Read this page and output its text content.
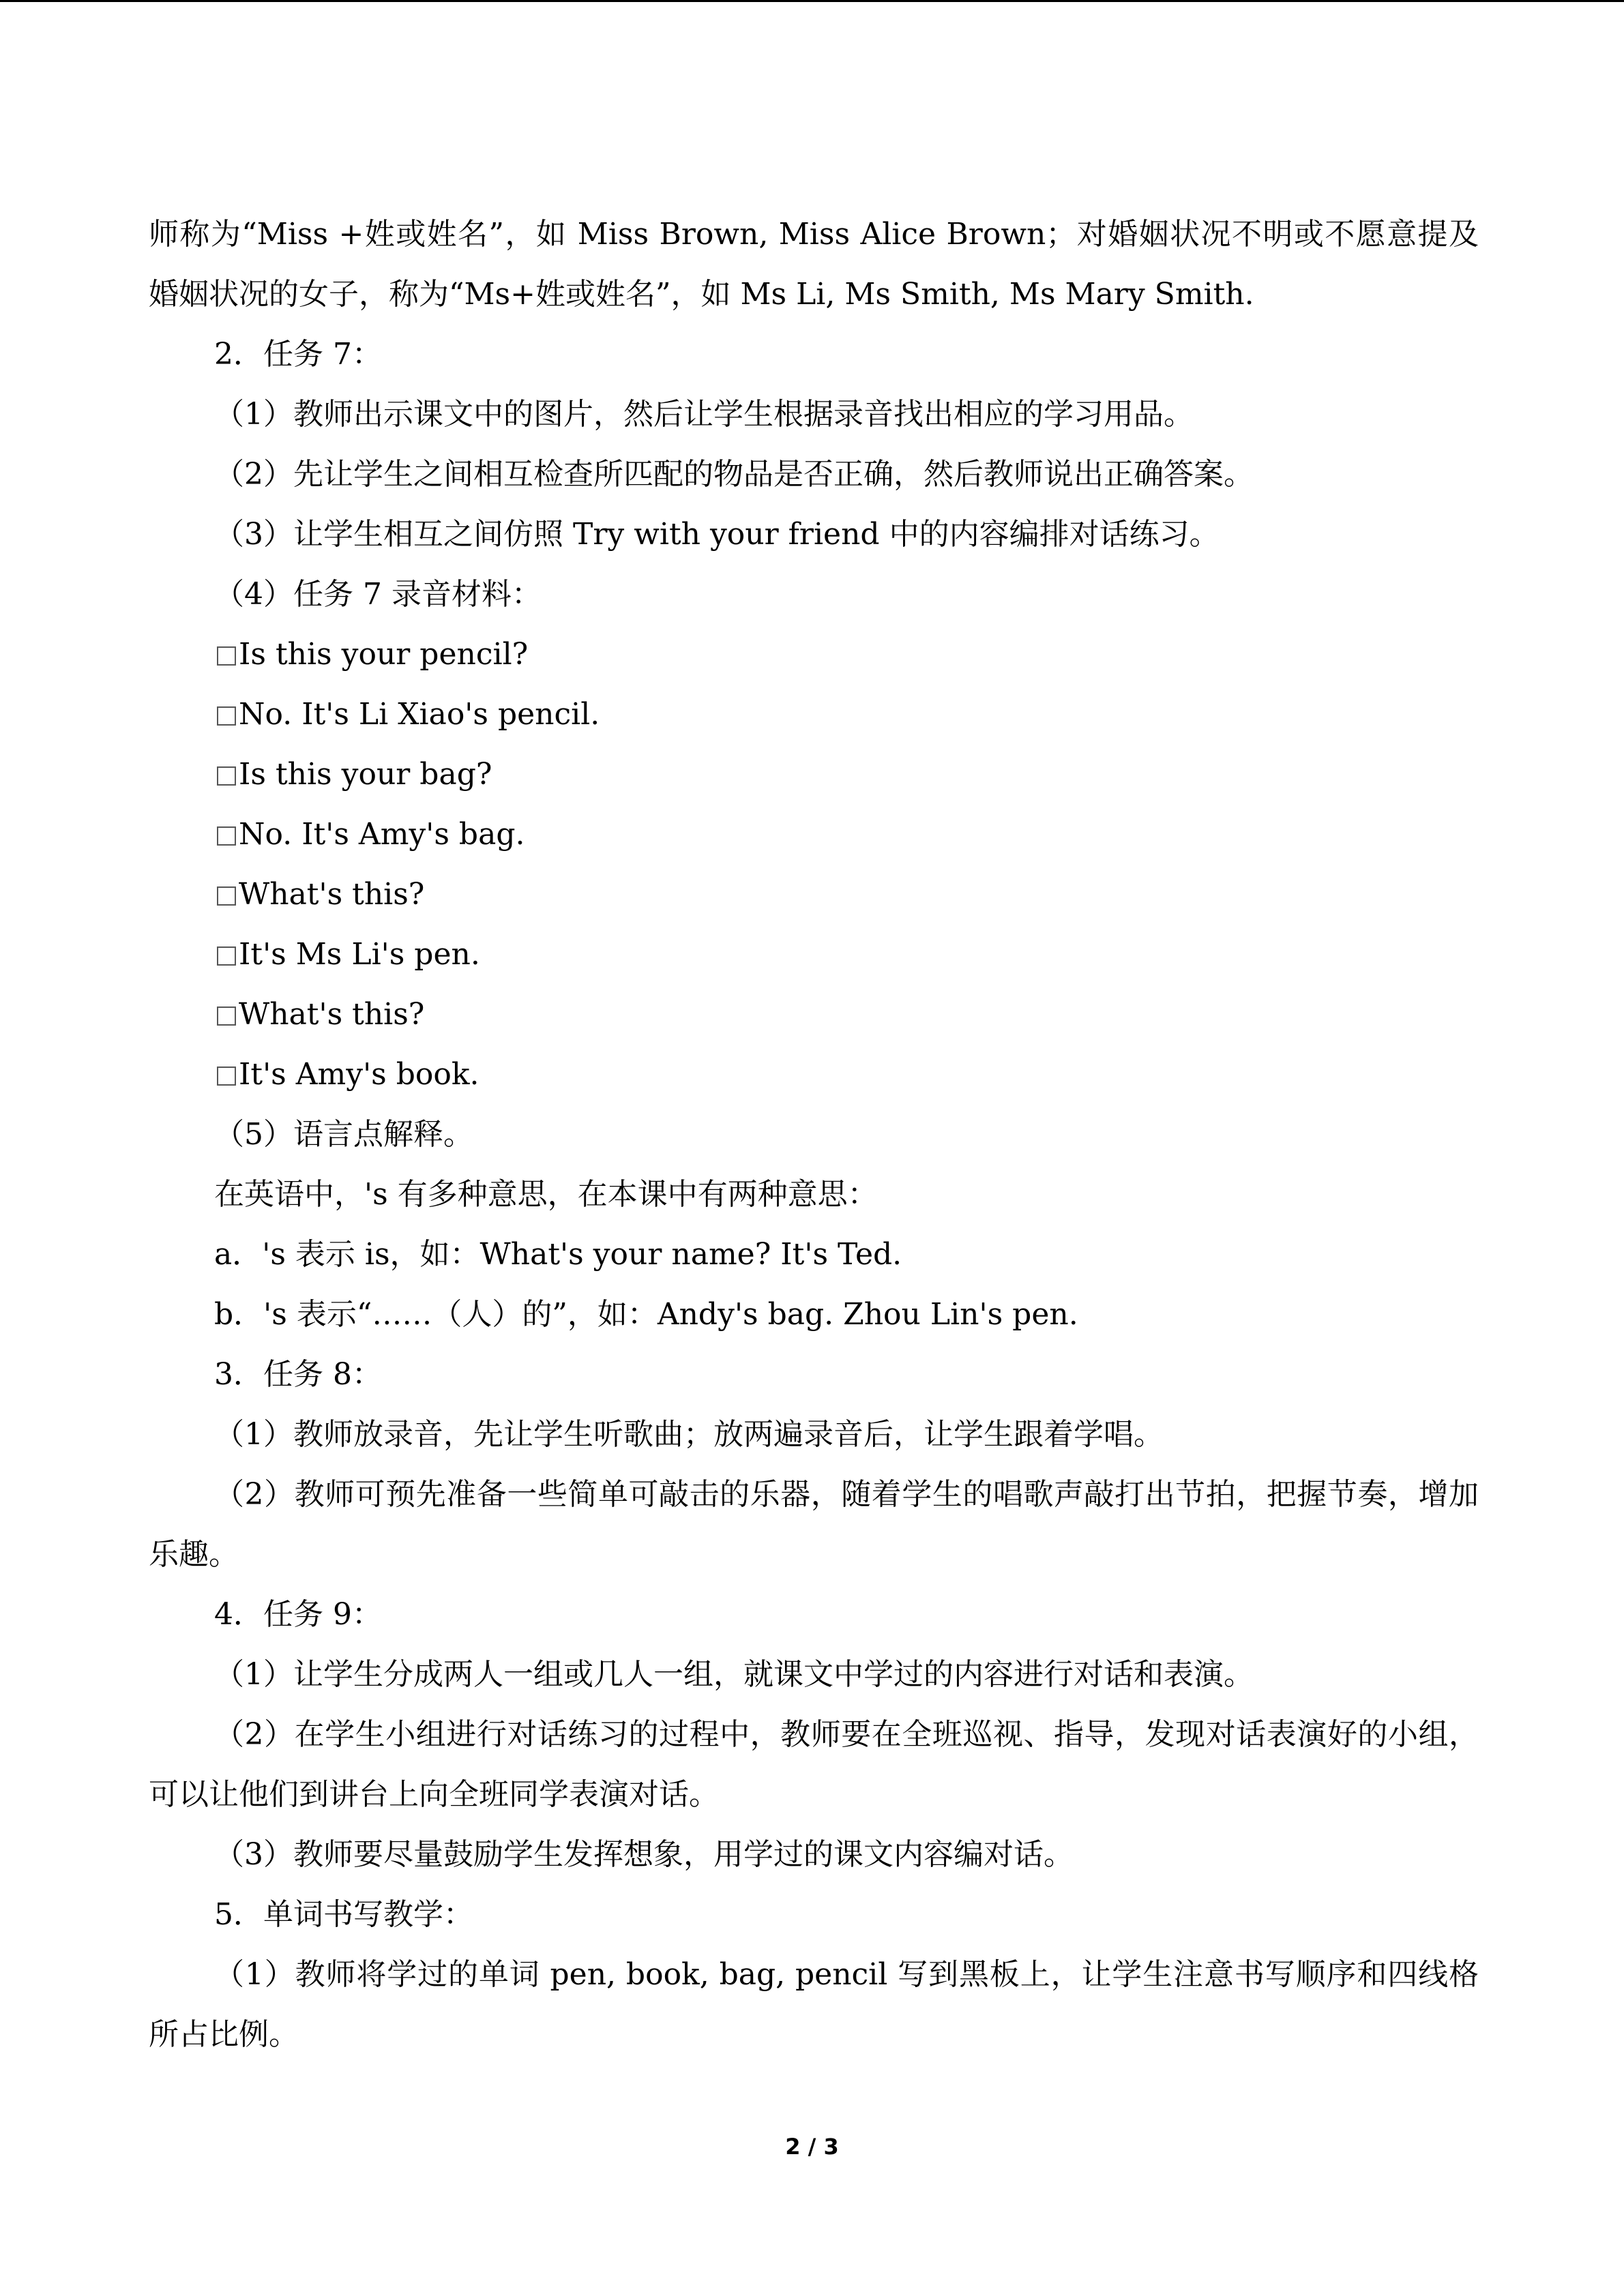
师称为“Miss +姓或姓名”，如 Miss Brown, Miss Alice Brown；对婚姻状况不明或不愿意提及婚姻状况的女子，称为“Ms+姓或姓名”，如 Ms Li, Ms Smith, Ms Mary Smith.

2．任务 7：

（1）教师出示课文中的图片，然后让学生根据录音找出相应的学习用品。

（2）先让学生之间相互检查所匹配的物品是否正确，然后教师说出正确答案。

（3）让学生相互之间仿照 Try with your friend 中的内容编排对话练习。

（4）任务 7 录音材料：

Is this your pencil?

No. It's Li Xiao's pencil.

Is this your bag?

No. It's Amy's bag.

What's this?

It's Ms Li's pen.

What's this?

It's Amy's book.

（5）语言点解释。

在英语中，'s 有多种意思，在本课中有两种意思：

a．'s 表示 is，如：What's your name? It's Ted.

b．'s 表示“……（人）的”，如：Andy's bag. Zhou Lin's pen.

3．任务 8：

（1）教师放录音，先让学生听歌曲；放两遍录音后，让学生跟着学唱。

（2）教师可预先准备一些简单可敲击的乐器，随着学生的唱歌声敲打出节拍，把握节奏，增加乐趣。

4．任务 9：

（1）让学生分成两人一组或几人一组，就课文中学过的内容进行对话和表演。

（2）在学生小组进行对话练习的过程中，教师要在全班巡视、指导，发现对话表演好的小组，可以让他们到讲台上向全班同学表演对话。

（3）教师要尽量鼓励学生发挥想象，用学过的课文内容编对话。

5．单词书写教学：

（1）教师将学过的单词 pen, book, bag, pencil 写到黑板上，让学生注意书写顺序和四线格所占比例。

2 / 3
